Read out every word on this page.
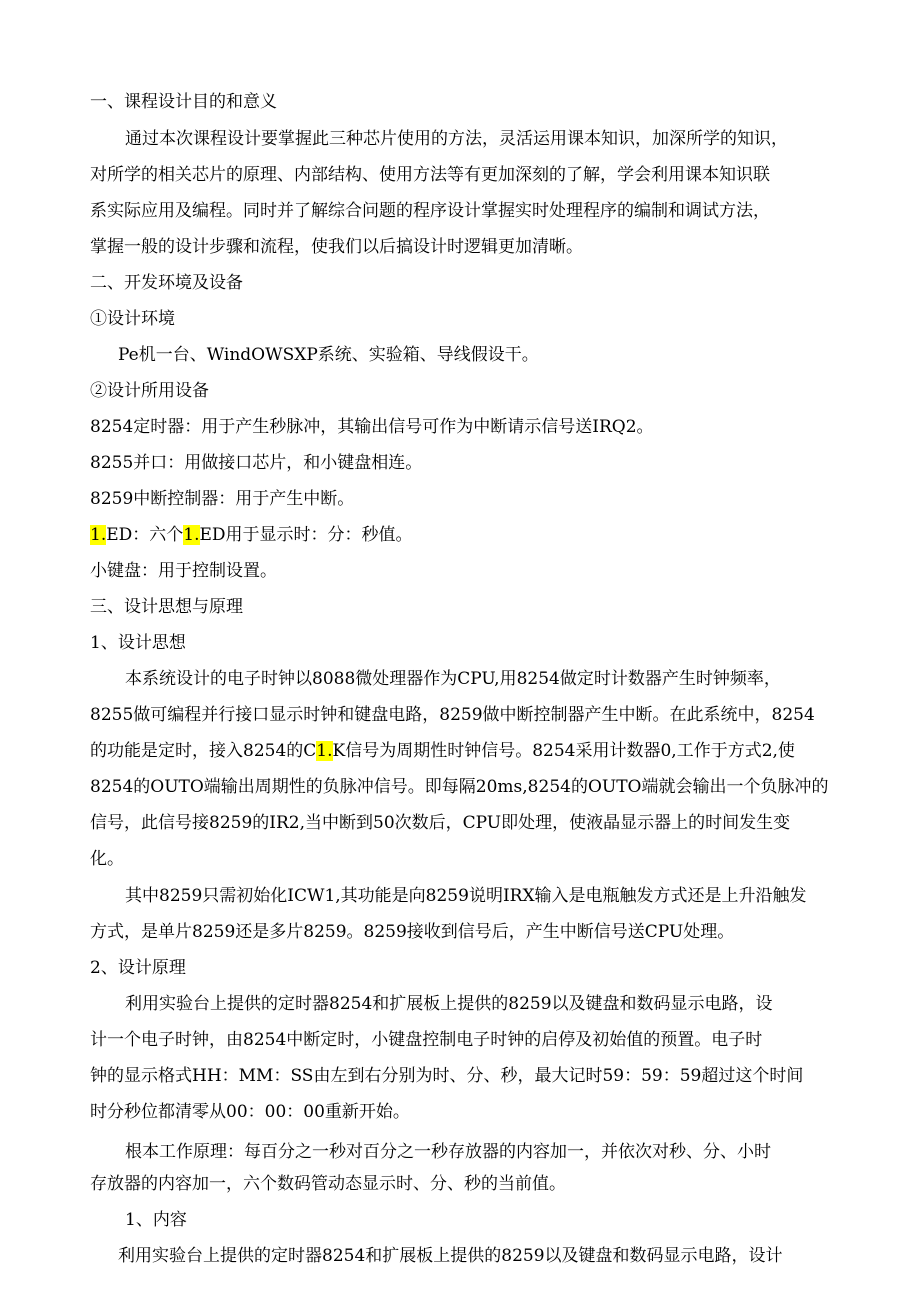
一、课程设计目的和意义
通过本次课程设计要掌握此三种芯片使用的方法，灵活运用课本知识，加深所学的知识，
对所学的相关芯片的原理、内部结构、使用方法等有更加深刻的了解，学会利用课本知识联
系实际应用及编程。同时并了解综合问题的程序设计掌握实时处理程序的编制和调试方法，
掌握一般的设计步骤和流程，使我们以后搞设计时逻辑更加清晰。
二、开发环境及设备
①设计环境
Pe机一台、WindOWSXP系统、实验箱、导线假设干。
②设计所用设备
8254定时器：用于产生秒脉冲，其输出信号可作为中断请示信号送IRQ2。
8255并口：用做接口芯片，和小键盘相连。
8259中断控制器：用于产生中断。
1.ED：六个1.ED用于显示时：分：秒值。
小键盘：用于控制设置。
三、设计思想与原理
1、设计思想
本系统设计的电子时钟以8088微处理器作为CPU,用8254做定时计数器产生时钟频率，
8255做可编程并行接口显示时钟和键盘电路，8259做中断控制器产生中断。在此系统中，8254
的功能是定时，接入8254的C1.K信号为周期性时钟信号。8254采用计数器0,工作于方式2,使
8254的OUTO端输出周期性的负脉冲信号。即每隔20ms,8254的OUTO端就会输出一个负脉冲的
信号，此信号接8259的IR2,当中断到50次数后，CPU即处理，使液晶显示器上的时间发生变
化。
其中8259只需初始化ICW1,其功能是向8259说明IRX输入是电瓶触发方式还是上升沿触发
方式，是单片8259还是多片8259。8259接收到信号后，产生中断信号送CPU处理。
2、设计原理
利用实验台上提供的定时器8254和扩展板上提供的8259以及键盘和数码显示电路，设
计一个电子时钟，由8254中断定时，小键盘控制电子时钟的启停及初始值的预置。电子时
钟的显示格式HH：MM：SS由左到右分别为时、分、秒，最大记时59：59：59超过这个时间
时分秒位都清零从00：00：00重新开始。
根本工作原理：每百分之一秒对百分之一秒存放器的内容加一，并依次对秒、分、小时
存放器的内容加一，六个数码管动态显示时、分、秒的当前值。
1、内容
利用实验台上提供的定时器8254和扩展板上提供的8259以及键盘和数码显示电路，设计
